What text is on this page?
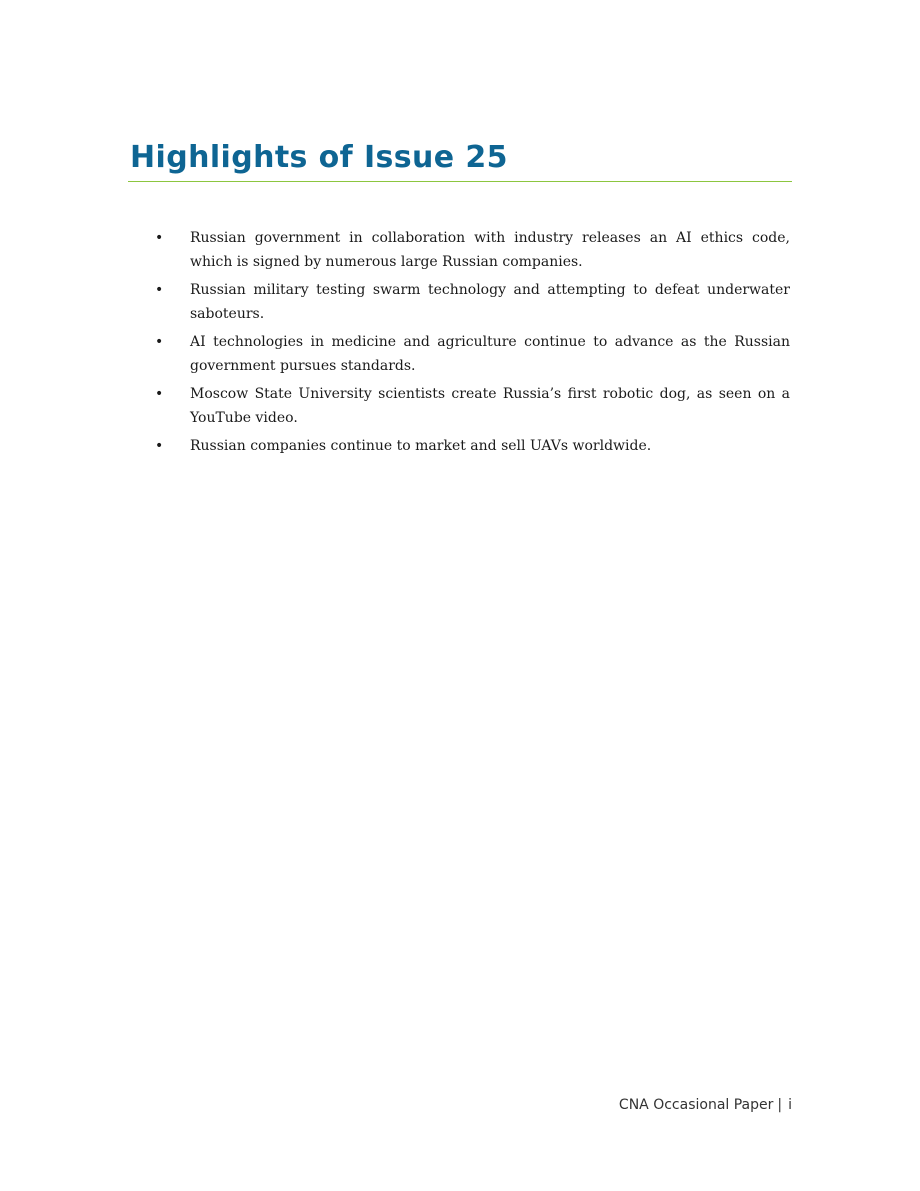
Highlights of Issue 25
• Russian government in collaboration with industry releases an AI ethics code, which is signed by numerous large Russian companies.
• Russian military testing swarm technology and attempting to defeat underwater saboteurs.
• AI technologies in medicine and agriculture continue to advance as the Russian government pursues standards.
• Moscow State University scientists create Russia’s first robotic dog, as seen on a YouTube video.
• Russian companies continue to market and sell UAVs worldwide.
CNA Occasional Paper | i
